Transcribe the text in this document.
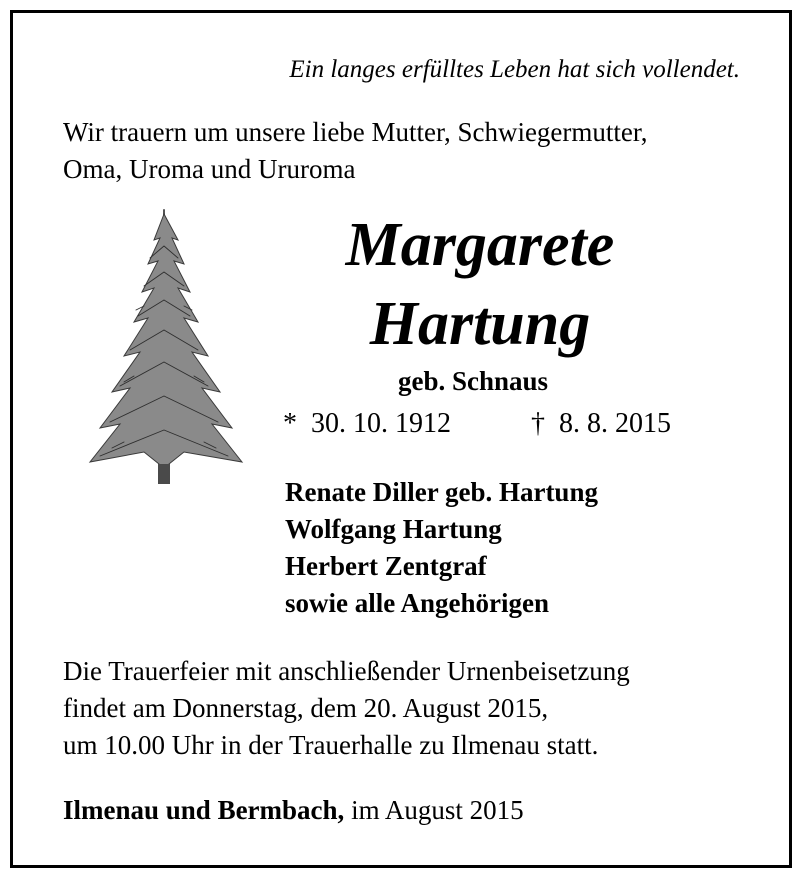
Ein langes erfülltes Leben hat sich vollendet.

Wir trauern um unsere liebe Mutter, Schwiegermutter,
Oma, Uroma und Ururoma

Margarete

Hartung

geb. Schnaus

* 30. 10. 1912	† 8. 8. 2015
Renate Diller geb. Hartung
Wolfgang Hartung
Herbert Zentgraf
sowie alle Angehörigen

Die Trauerfeier mit anschließender Urnenbeisetzung
findet am Donnerstag, dem 20. August 2015,
um 10.00 Uhr in der Trauerhalle zu Ilmenau statt.

Ilmenau und Bermbach, im August 2015
